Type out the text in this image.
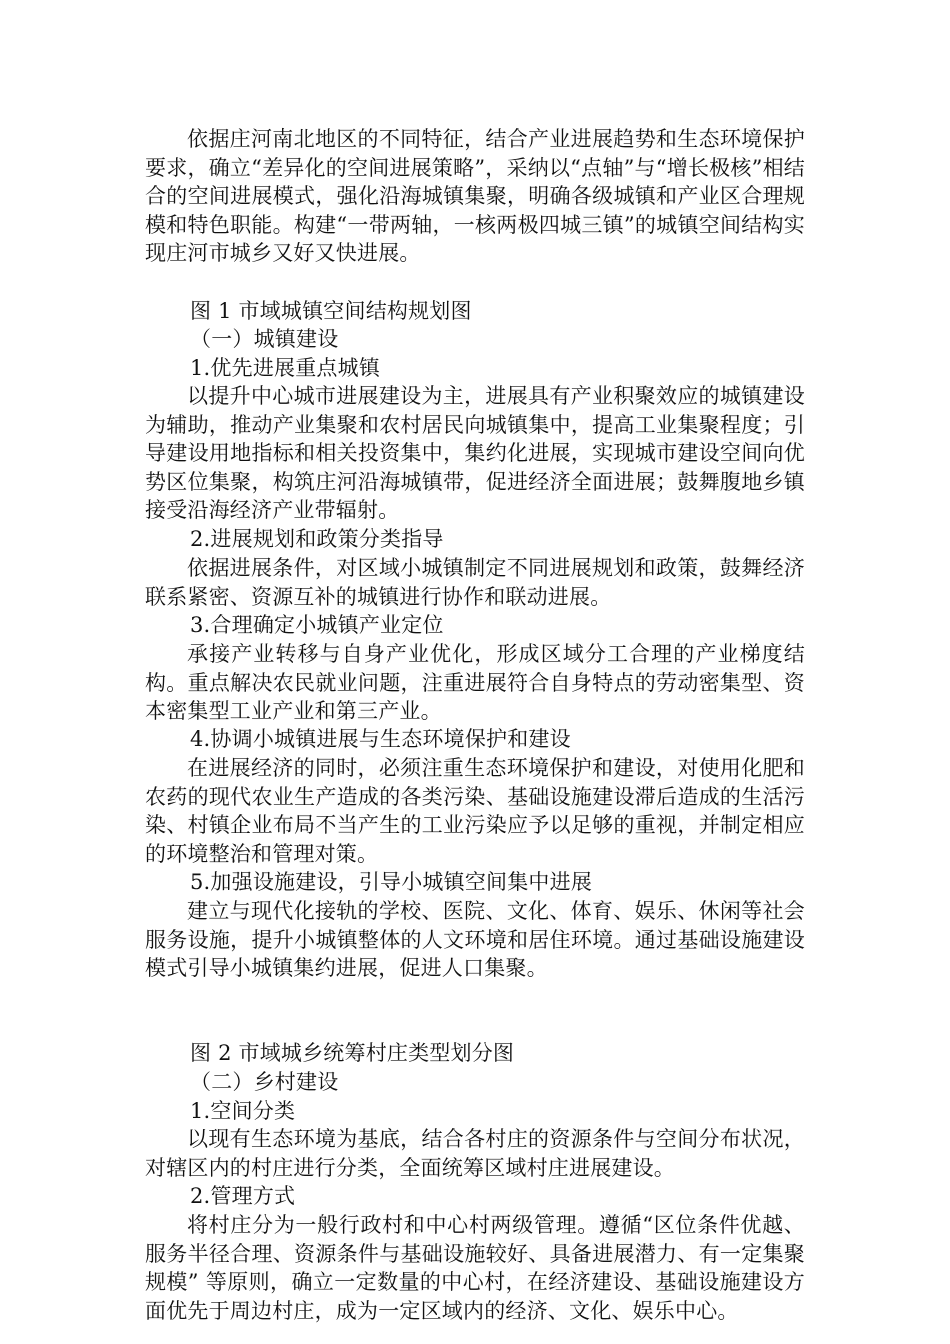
依据庄河南北地区的不同特征，结合产业进展趋势和生态环境保护要求，确立“差异化的空间进展策略”，采纳以“点轴”与“增长极核”相结合的空间进展模式，强化沿海城镇集聚，明确各级城镇和产业区合理规模和特色职能。构建“一带两轴，一核两极四城三镇”的城镇空间结构实现庄河市城乡又好又快进展。

图 1 市域城镇空间结构规划图

（一）城镇建设

1.优先进展重点城镇

以提升中心城市进展建设为主，进展具有产业积聚效应的城镇建设为辅助，推动产业集聚和农村居民向城镇集中，提高工业集聚程度；引导建设用地指标和相关投资集中，集约化进展，实现城市建设空间向优势区位集聚，构筑庄河沿海城镇带，促进经济全面进展；鼓舞腹地乡镇接受沿海经济产业带辐射。

2.进展规划和政策分类指导

依据进展条件，对区域小城镇制定不同进展规划和政策，鼓舞经济联系紧密、资源互补的城镇进行协作和联动进展。

3.合理确定小城镇产业定位

承接产业转移与自身产业优化，形成区域分工合理的产业梯度结构。重点解决农民就业问题，注重进展符合自身特点的劳动密集型、资本密集型工业产业和第三产业。

4.协调小城镇进展与生态环境保护和建设

在进展经济的同时，必须注重生态环境保护和建设，对使用化肥和农药的现代农业生产造成的各类污染、基础设施建设滞后造成的生活污染、村镇企业布局不当产生的工业污染应予以足够的重视，并制定相应的环境整治和管理对策。

5.加强设施建设，引导小城镇空间集中进展

建立与现代化接轨的学校、医院、文化、体育、娱乐、休闲等社会服务设施，提升小城镇整体的人文环境和居住环境。通过基础设施建设模式引导小城镇集约进展，促进人口集聚。

图 2 市域城乡统筹村庄类型划分图

（二）乡村建设

1.空间分类

以现有生态环境为基底，结合各村庄的资源条件与空间分布状况，对辖区内的村庄进行分类，全面统筹区域村庄进展建设。

2.管理方式

将村庄分为一般行政村和中心村两级管理。遵循“区位条件优越、服务半径合理、资源条件与基础设施较好、具备进展潜力、有一定集聚规模” 等原则，确立一定数量的中心村，在经济建设、基础设施建设方面优先于周边村庄，成为一定区域内的经济、文化、娱乐中心。
